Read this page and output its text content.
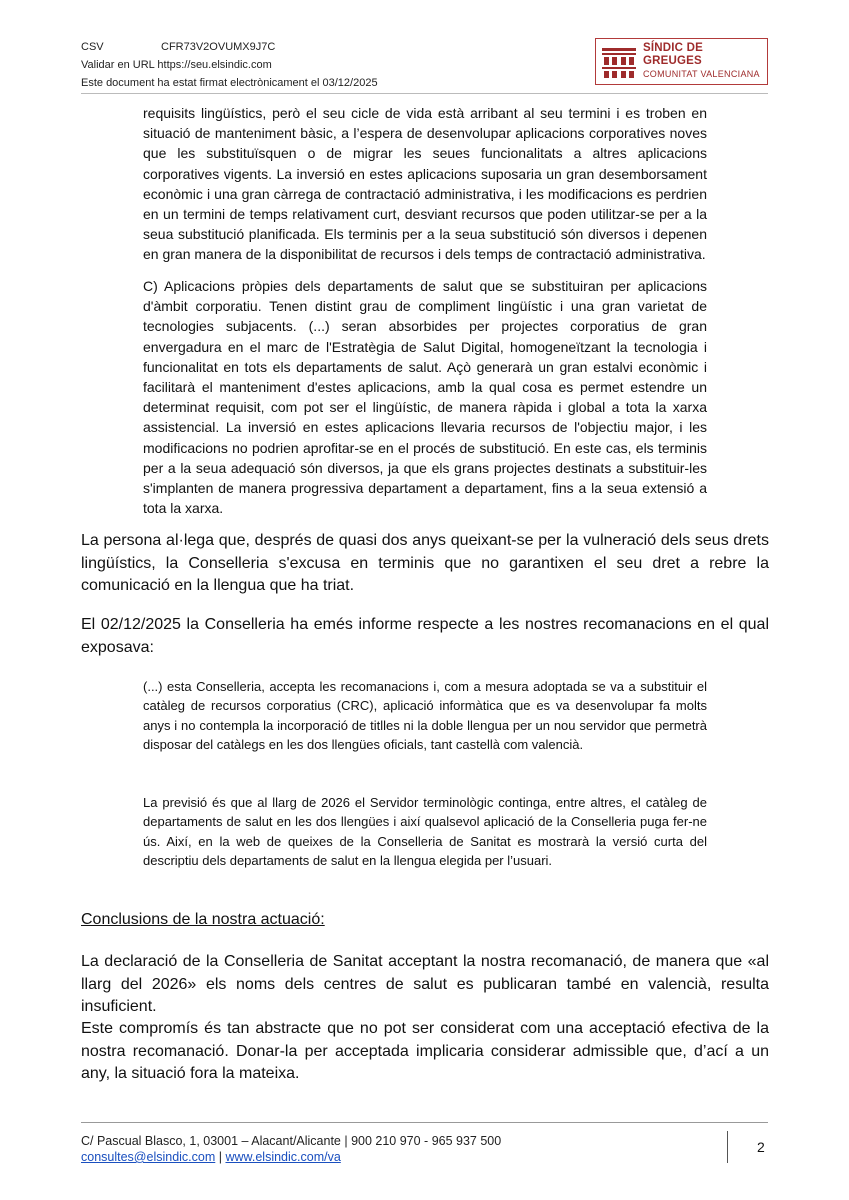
CSV	CFR73V2OVUMX9J7C
Validar en URL https://seu.elsindic.com
Este document ha estat firmat electrònicament el 03/12/2025
SÍNDIC DE GREUGES
COMUNITAT VALENCIANA
requisits lingüístics, però el seu cicle de vida està arribant al seu termini i es troben en situació de manteniment bàsic, a l’espera de desenvolupar aplicacions corporatives noves que les substituïsquen o de migrar les seues funcionalitats a altres aplicacions corporatives vigents. La inversió en estes aplicacions suposaria un gran desemborsament econòmic i una gran càrrega de contractació administrativa, i les modificacions es perdrien en un termini de temps relativament curt, desviant recursos que poden utilitzar-se per a la seua substitució planificada. Els terminis per a la seua substitució són diversos i depenen en gran manera de la disponibilitat de recursos i dels temps de contractació administrativa.
C) Aplicacions pròpies dels departaments de salut que se substituiran per aplicacions d'àmbit corporatiu. Tenen distint grau de compliment lingüístic i una gran varietat de tecnologies subjacents. (...) seran absorbides per projectes corporatius de gran envergadura en el marc de l'Estratègia de Salut Digital, homogeneïtzant la tecnologia i funcionalitat en tots els departaments de salut. Açò generarà un gran estalvi econòmic i facilitarà el manteniment d'estes aplicacions, amb la qual cosa es permet estendre un determinat requisit, com pot ser el lingüístic, de manera ràpida i global a tota la xarxa assistencial. La inversió en estes aplicacions llevaria recursos de l'objectiu major, i les modificacions no podrien aprofitar-se en el procés de substitució. En este cas, els terminis per a la seua adequació són diversos, ja que els grans projectes destinats a substituir-les s'implanten de manera progressiva departament a departament, fins a la seua extensió a tota la xarxa.
La persona al·lega que, després de quasi dos anys queixant-se per la vulneració dels seus drets lingüístics, la Conselleria s'excusa en terminis que no garantixen el seu dret a rebre la comunicació en la llengua que ha triat.
El 02/12/2025 la Conselleria ha emés informe respecte a les nostres recomanacions en el qual exposava:
(...) esta Conselleria, accepta les recomanacions i, com a mesura adoptada se va a substituir el catàleg de recursos corporatius (CRC), aplicació informàtica que es va desenvolupar fa molts anys i no contempla la incorporació de titlles ni la doble llengua per un nou servidor que permetrà disposar del catàlegs en les dos llengües oficials, tant castellà com valencià.
La previsió és que al llarg de 2026 el Servidor terminològic continga, entre altres, el catàleg de departaments de salut en les dos llengües i així qualsevol aplicació de la Conselleria puga fer-ne ús. Així, en la web de queixes de la Conselleria de Sanitat es mostrarà la versió curta del descriptiu dels departaments de salut en la llengua elegida per l’usuari.
Conclusions de la nostra actuació:
La declaració de la Conselleria de Sanitat acceptant la nostra recomanació, de manera que «al llarg del 2026» els noms dels centres de salut es publicaran també en valencià, resulta insuficient.
Este compromís és tan abstracte que no pot ser considerat com una acceptació efectiva de la nostra recomanació. Donar-la per acceptada implicaria considerar admissible que, d’ací a un any, la situació fora la mateixa.
C/ Pascual Blasco, 1, 03001 – Alacant/Alicante | 900 210 970 - 965 937 500
consultes@elsindic.com | www.elsindic.com/va
2
